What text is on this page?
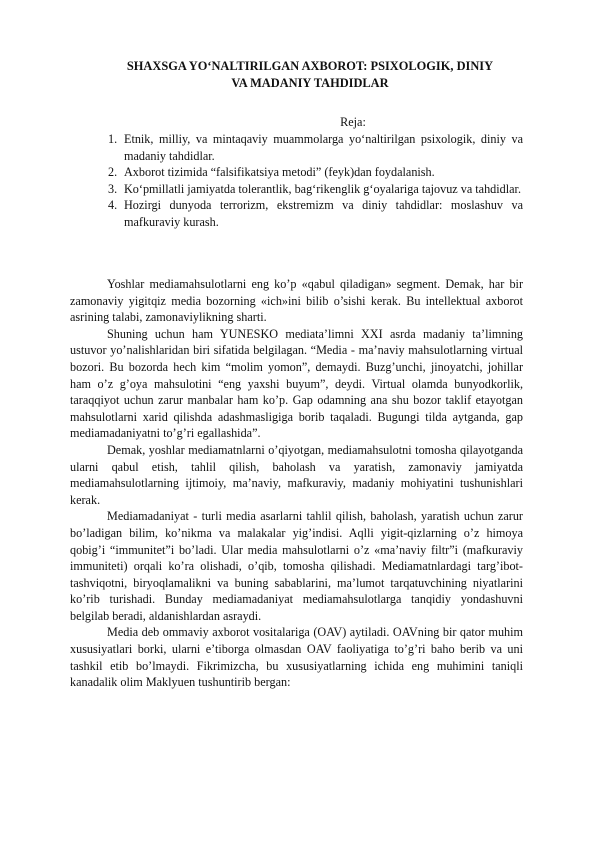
SHAXSGA YO‘NALTIRILGAN AXBOROT: PSIXOLOGIK, DINIY
VA MADANIY TAHDIDLAR
Reja:
1. Etnik, milliy, va mintaqaviy muammolarga yo‘naltirilgan psixologik, diniy va madaniy tahdidlar.
2. Axborot tizimida “falsifikatsiya metodi” (feyk)dan foydalanish.
3. Ko‘pmillatli jamiyatda tolerantlik, bag‘rikenglik g‘oyalariga tajovuz va tahdidlar.
4. Hozirgi dunyoda terrorizm, ekstremizm va diniy tahdidlar: moslashuv va mafkuraviy kurash.

Yoshlar mediamahsulotlarni eng ko’p «qabul qiladigan» segment. Demak, har bir zamonaviy yigitqiz media bozorning «ich»ini bilib o’sishi kerak. Bu intellektual axborot asrining talabi, zamonaviylikning sharti.

Shuning uchun ham YUNESKO mediata’limni XXI asrda madaniy ta’limning ustuvor yo’nalishlaridan biri sifatida belgilagan. “Media - ma’naviy mahsulotlarning virtual bozori. Bu bozorda hech kim “molim yomon”, demaydi. Buzg’unchi, jinoyatchi, johillar ham o’z g’oya mahsulotini “eng yaxshi buyum”, deydi. Virtual olamda bunyodkorlik, taraqqiyot uchun zarur manbalar ham ko’p. Gap odamning ana shu bozor taklif etayotgan mahsulotlarni xarid qilishda adashmasligiga borib taqaladi. Bugungi tilda aytganda, gap mediamadaniyatni to’g’ri egallashida”.

Demak, yoshlar mediamatnlarni o’qiyotgan, mediamahsulotni tomosha qilayotganda ularni qabul etish, tahlil qilish, baholash va yaratish, zamonaviy jamiyatda mediamahsulotlarning ijtimoiy, ma’naviy, mafkuraviy, madaniy mohiyatini tushunishlari kerak.

Mediamadaniyat - turli media asarlarni tahlil qilish, baholash, yaratish uchun zarur bo’ladigan bilim, ko’nikma va malakalar yig’indisi. Aqlli yigit-qizlarning o’z himoya qobig’i “immunitet”i bo’ladi. Ular media mahsulotlarni o’z «ma’naviy filtr”i (mafkuraviy immuniteti) orqali ko’ra olishadi, o’qib, tomosha qilishadi. Mediamatnlardagi targ’ibot-tashviqotni, biryoqlamalikni va buning sabablarini, ma’lumot tarqatuvchining niyatlarini ko’rib turishadi. Bunday mediamadaniyat mediamahsulotlarga tanqidiy yondashuvni belgilab beradi, aldanishlardan asraydi.

Media deb ommaviy axborot vositalariga (OAV) aytiladi. OAVning bir qator muhim xususiyatlari borki, ularni e’tiborga olmasdan OAV faoliyatiga to’g’ri baho berib va uni tashkil etib bo’lmaydi. Fikrimizcha, bu xususiyatlarning ichida eng muhimini taniqli kanadalik olim Maklyuen tushuntirib bergan:
